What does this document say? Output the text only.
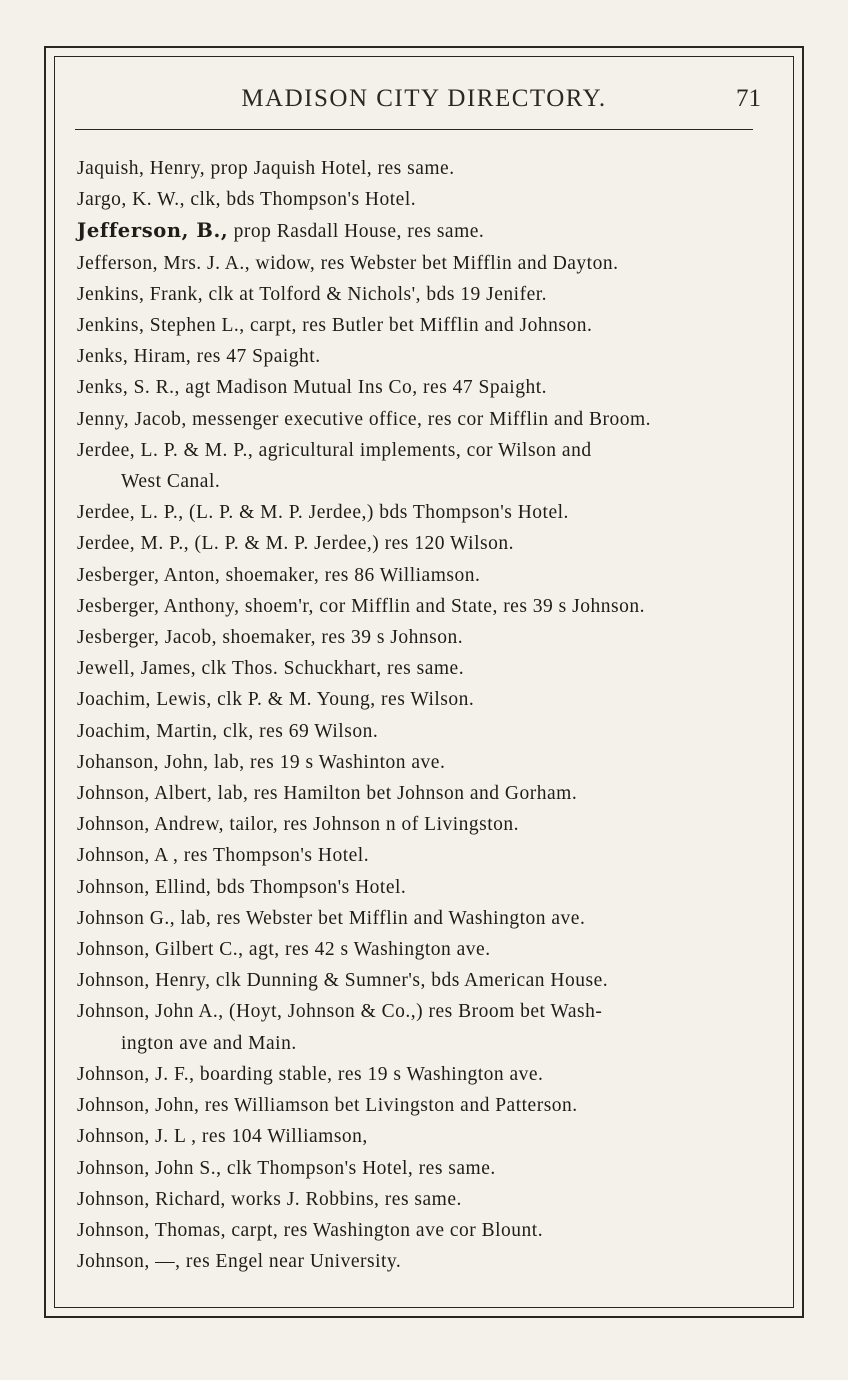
MADISON CITY DIRECTORY.	71

Jaquish, Henry, prop Jaquish Hotel, res same.

Jargo, K. W., clk, bds Thompson's Hotel.

Jefferson, B., prop Rasdall House, res same.

Jefferson, Mrs. J. A., widow, res Webster bet Mifflin and Dayton.

Jenkins, Frank, clk at Tolford & Nichols', bds 19 Jenifer.

Jenkins, Stephen L., carpt, res Butler bet Mifflin and Johnson.

Jenks, Hiram, res 47 Spaight.

Jenks, S. R., agt Madison Mutual Ins Co, res 47 Spaight.

Jenny, Jacob, messenger executive office, res cor Mifflin and Broom.

Jerdee, L. P. & M. P., agricultural implements, cor Wilson and
West Canal.

Jerdee, L. P., (L. P. & M. P. Jerdee,) bds Thompson's Hotel.

Jerdee, M. P., (L. P. & M. P. Jerdee,) res 120 Wilson.

Jesberger, Anton, shoemaker, res 86 Williamson.

Jesberger, Anthony, shoem'r, cor Mifflin and State, res 39 s Johnson.

Jesberger, Jacob, shoemaker, res 39 s Johnson.

Jewell, James, clk Thos. Schuckhart, res same.

Joachim, Lewis, clk P. & M. Young, res Wilson.

Joachim, Martin, clk, res 69 Wilson.

Johanson, John, lab, res 19 s Washinton ave.

Johnson, Albert, lab, res Hamilton bet Johnson and Gorham.

Johnson, Andrew, tailor, res Johnson n of Livingston.

Johnson, A , res Thompson's Hotel.

Johnson, Ellind, bds Thompson's Hotel.

Johnson G., lab, res Webster bet Mifflin and Washington ave.

Johnson, Gilbert C., agt, res 42 s Washington ave.

Johnson, Henry, clk Dunning & Sumner's, bds American House.

Johnson, John A., (Hoyt, Johnson & Co.,) res Broom bet Wash-
ington ave and Main.

Johnson, J. F., boarding stable, res 19 s Washington ave.

Johnson, John, res Williamson bet Livingston and Patterson.

Johnson, J. L , res 104 Williamson,

Johnson, John S., clk Thompson's Hotel, res same.

Johnson, Richard, works J. Robbins, res same.

Johnson, Thomas, carpt, res Washington ave cor Blount.

Johnson, —, res Engel near University.
